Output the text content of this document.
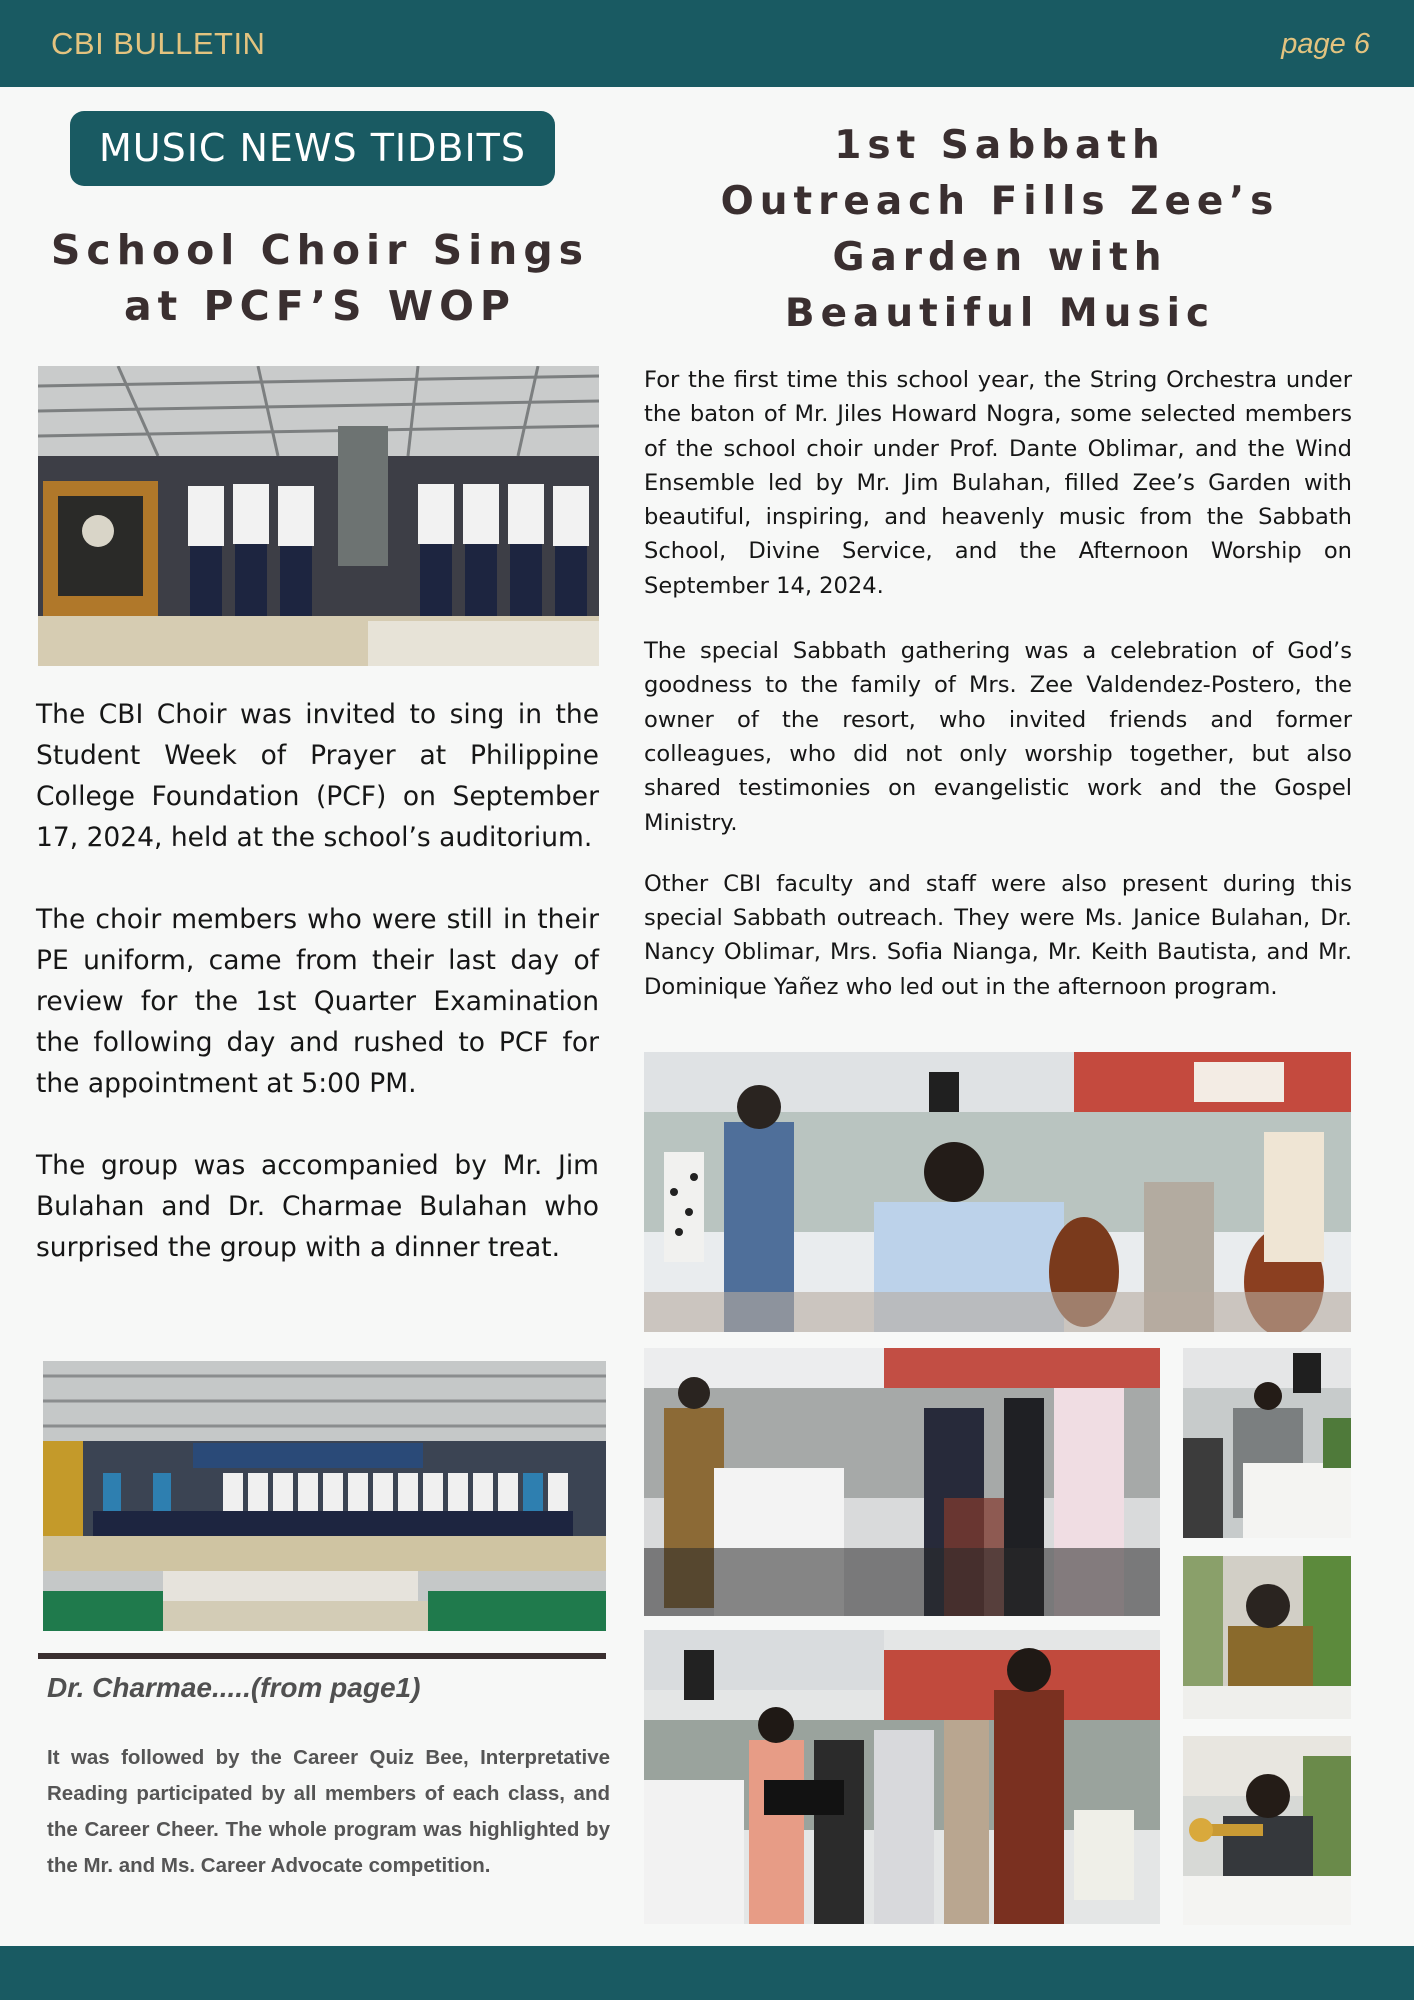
CBI BULLETIN	page 6
MUSIC NEWS TIDBITS
School Choir Sings
at PCF’S WOP
1st Sabbath
Outreach Fills Zee’s
Garden with
Beautiful Music

The CBI Choir was invited to sing in the Student Week of Prayer at Philippine College Foundation (PCF) on September 17, 2024, held at the school’s auditorium.

The choir members who were still in their PE uniform, came from their last day of review for the 1st Quarter Examination the following day and rushed to PCF for the appointment at 5:00 PM.

The group was accompanied by Mr. Jim Bulahan and Dr. Charmae Bulahan who surprised the group with a dinner treat.

Dr. Charmae.....(from page1)
It was followed by the Career Quiz Bee, Interpretative Reading participated by all members of each class, and the Career Cheer. The whole program was highlighted by the Mr. and Ms. Career Advocate competition.

For the first time this school year, the String Orchestra under the baton of Mr. Jiles Howard Nogra, some selected members of the school choir under Prof. Dante Oblimar, and the Wind Ensemble led by Mr. Jim Bulahan, filled Zee’s Garden with beautiful, inspiring, and heavenly music from the Sabbath School, Divine Service, and the Afternoon Worship on September 14, 2024.

The special Sabbath gathering was a celebration of God’s goodness to the family of Mrs. Zee Valdendez-Postero, the owner of the resort, who invited friends and former colleagues, who did not only worship together, but also shared testimonies on evangelistic work and the Gospel Ministry.

Other CBI faculty and staff were also present during this special Sabbath outreach. They were Ms. Janice Bulahan, Dr. Nancy Oblimar, Mrs. Sofia Nianga, Mr. Keith Bautista, and Mr. Dominique Yañez who led out in the afternoon program.
